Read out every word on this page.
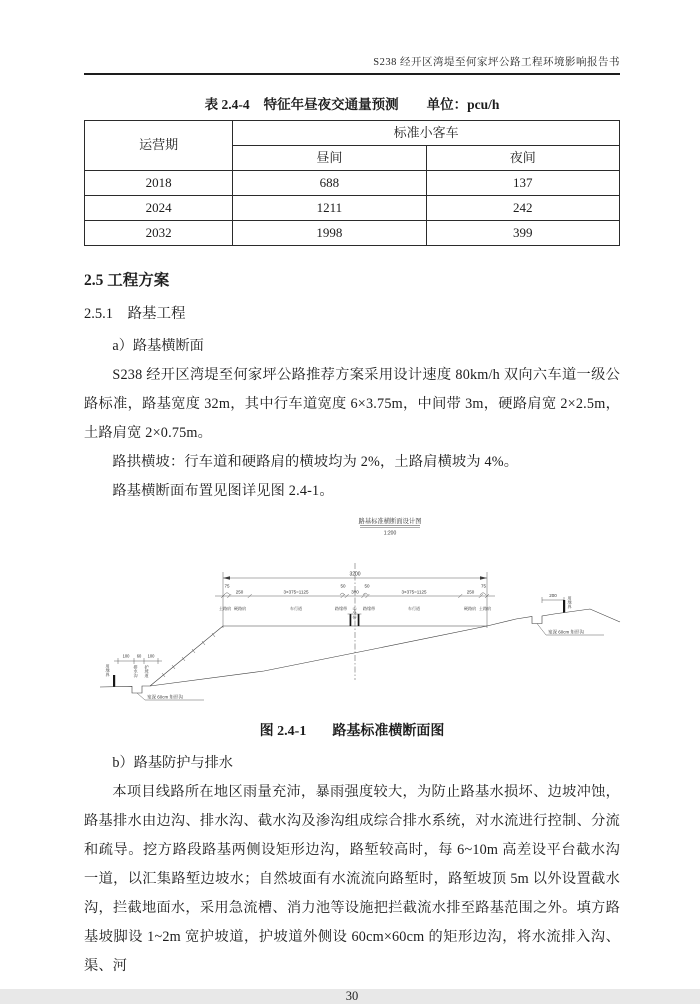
S238 经开区湾堤至何家坪公路工程环境影响报告书
表 2.4-4 特征年昼夜交通量预测 单位：pcu/h
运营期	标准小客车	
	昼间	夜间
2018	688	137
2024	1211	242
2032	1998	399
2.5 工程方案
2.5.1　路基工程
a）路基横断面

S238 经开区湾堤至何家坪公路推荐方案采用设计速度 80km/h 双向六车道一级公路标准，路基宽度 32m，其中行车道宽度 6×3.75m，中间带 3m，硬路肩宽 2×2.5m，土路肩宽 2×0.75m。

路拱横坡：行车道和硬路肩的横坡均为 2%，土路肩横坡为 4%。

路基横断面布置见图详见图 2.4-1。

路基标准横断面设计图
1:200
3200
75
250	3×375=1125
50
300
50
3×375=1125	250
75
土路肩 硬路肩	车行道	路缘带 中分带 路缘带	车行道	硬路肩 土路肩
宽深 60cm 矩形沟
宽深 60cm 矩形沟
100 60 100
用地界	排水沟 护坡道
200
用地界
图 2.4-1 路基标准横断面图
b）路基防护与排水

本项目线路所在地区雨量充沛，暴雨强度较大，为防止路基水损坏、边坡冲蚀，路基排水由边沟、排水沟、截水沟及渗沟组成综合排水系统，对水流进行控制、分流和疏导。挖方路段路基两侧设矩形边沟，路堑较高时，每 6~10m 高差设平台截水沟一道，以汇集路堑边坡水；自然坡面有水流流向路堑时，路堑坡顶 5m 以外设置截水沟，拦截地面水，采用急流槽、消力池等设施把拦截流水排至路基范围之外。填方路基坡脚设 1~2m 宽护坡道，护坡道外侧设 60cm×60cm 的矩形边沟，将水流排入沟、渠、河

30
